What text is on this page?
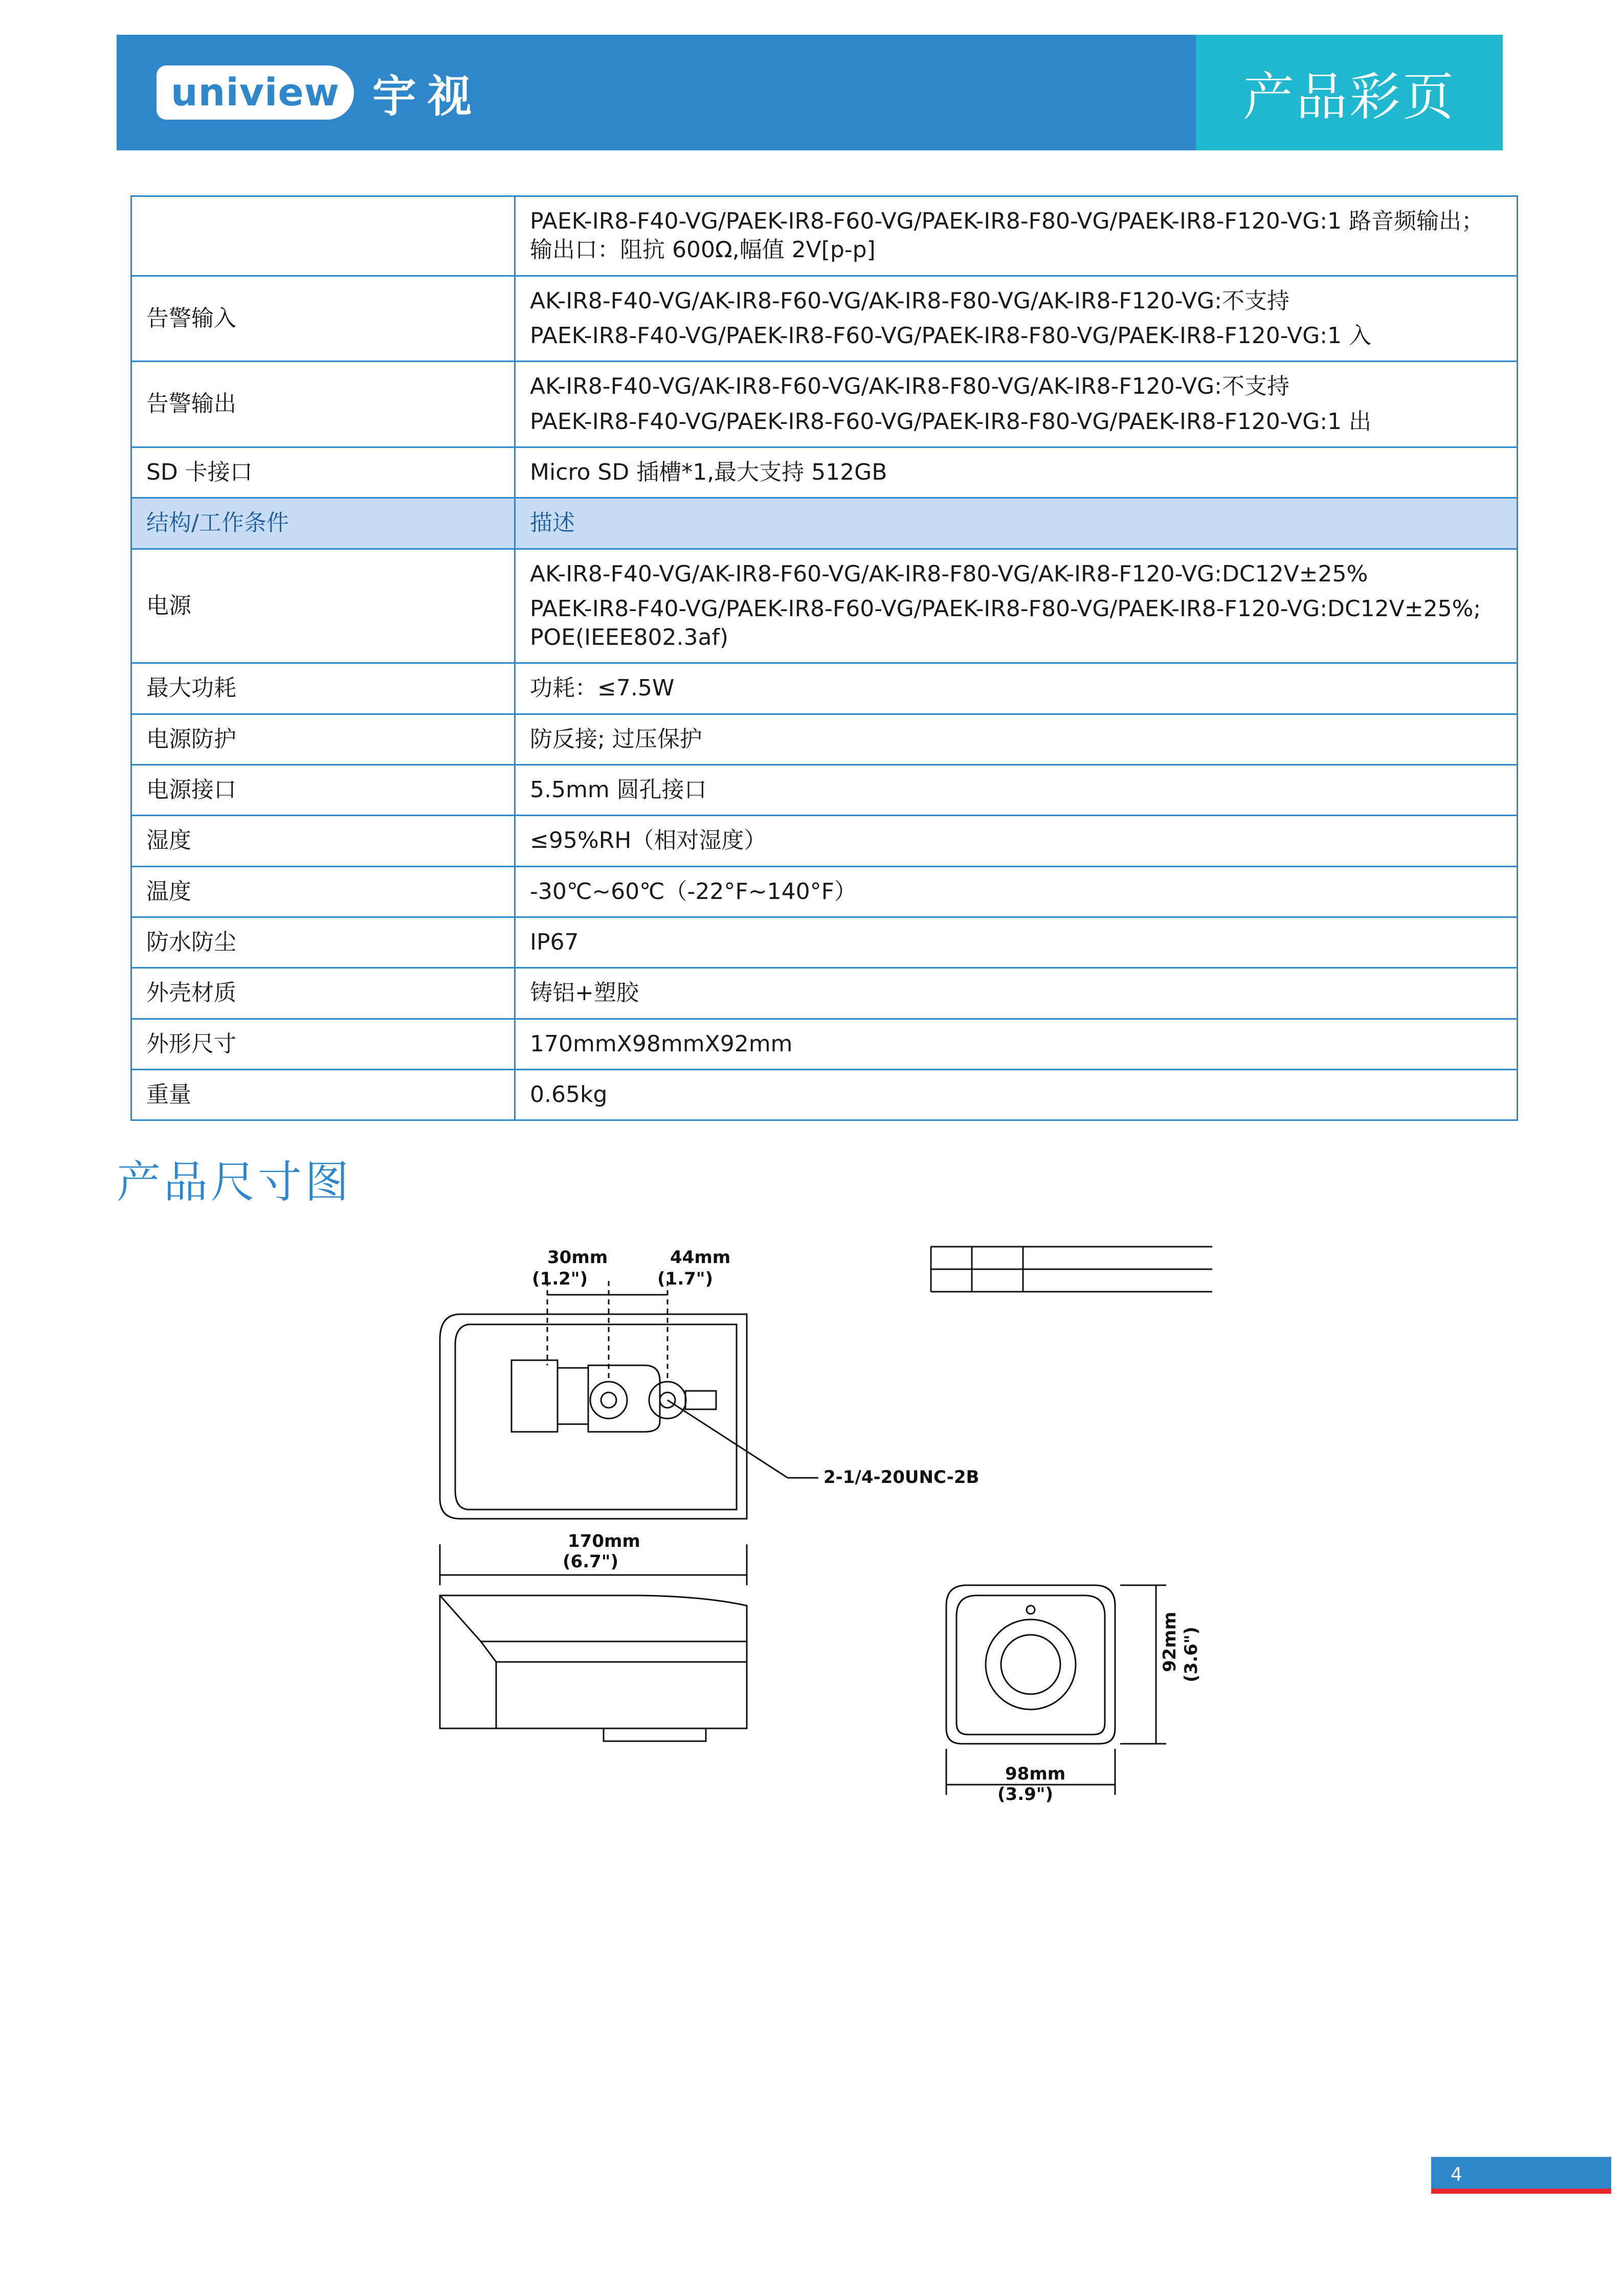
uniview 宇视	产品彩页

	PAEK-IR8-F40-VG/PAEK-IR8-F60-VG/PAEK-IR8-F80-VG/PAEK-IR8-F120-VG:1 路音频输出；输出口：阻抗 600Ω,幅值 2V[p-p]

告警输入	AK-IR8-F40-VG/AK-IR8-F60-VG/AK-IR8-F80-VG/AK-IR8-F120-VG:不支持
PAEK-IR8-F40-VG/PAEK-IR8-F60-VG/PAEK-IR8-F80-VG/PAEK-IR8-F120-VG:1 入

告警输出	AK-IR8-F40-VG/AK-IR8-F60-VG/AK-IR8-F80-VG/AK-IR8-F120-VG:不支持
PAEK-IR8-F40-VG/PAEK-IR8-F60-VG/PAEK-IR8-F80-VG/PAEK-IR8-F120-VG:1 出

SD 卡接口	Micro SD 插槽*1,最大支持 512GB

结构/工作条件	描述

电源	AK-IR8-F40-VG/AK-IR8-F60-VG/AK-IR8-F80-VG/AK-IR8-F120-VG:DC12V±25%
PAEK-IR8-F40-VG/PAEK-IR8-F60-VG/PAEK-IR8-F80-VG/PAEK-IR8-F120-VG:DC12V±25%; POE(IEEE802.3af)

最大功耗	功耗：≤7.5W

电源防护	防反接; 过压保护

电源接口	5.5mm 圆孔接口

湿度	≤95%RH（相对湿度）

温度	-30℃~60℃（-22°F~140°F）

防水防尘	IP67

外壳材质	铸铝+塑胶

外形尺寸	170mmX98mmX92mm

重量	0.65kg
产品尺寸图
30mm
(1.2")
44mm
(1.7")
2-1/4-20UNC-2B
170mm
(6.7")
98mm
(3.9")
92mm (3.6")
4
